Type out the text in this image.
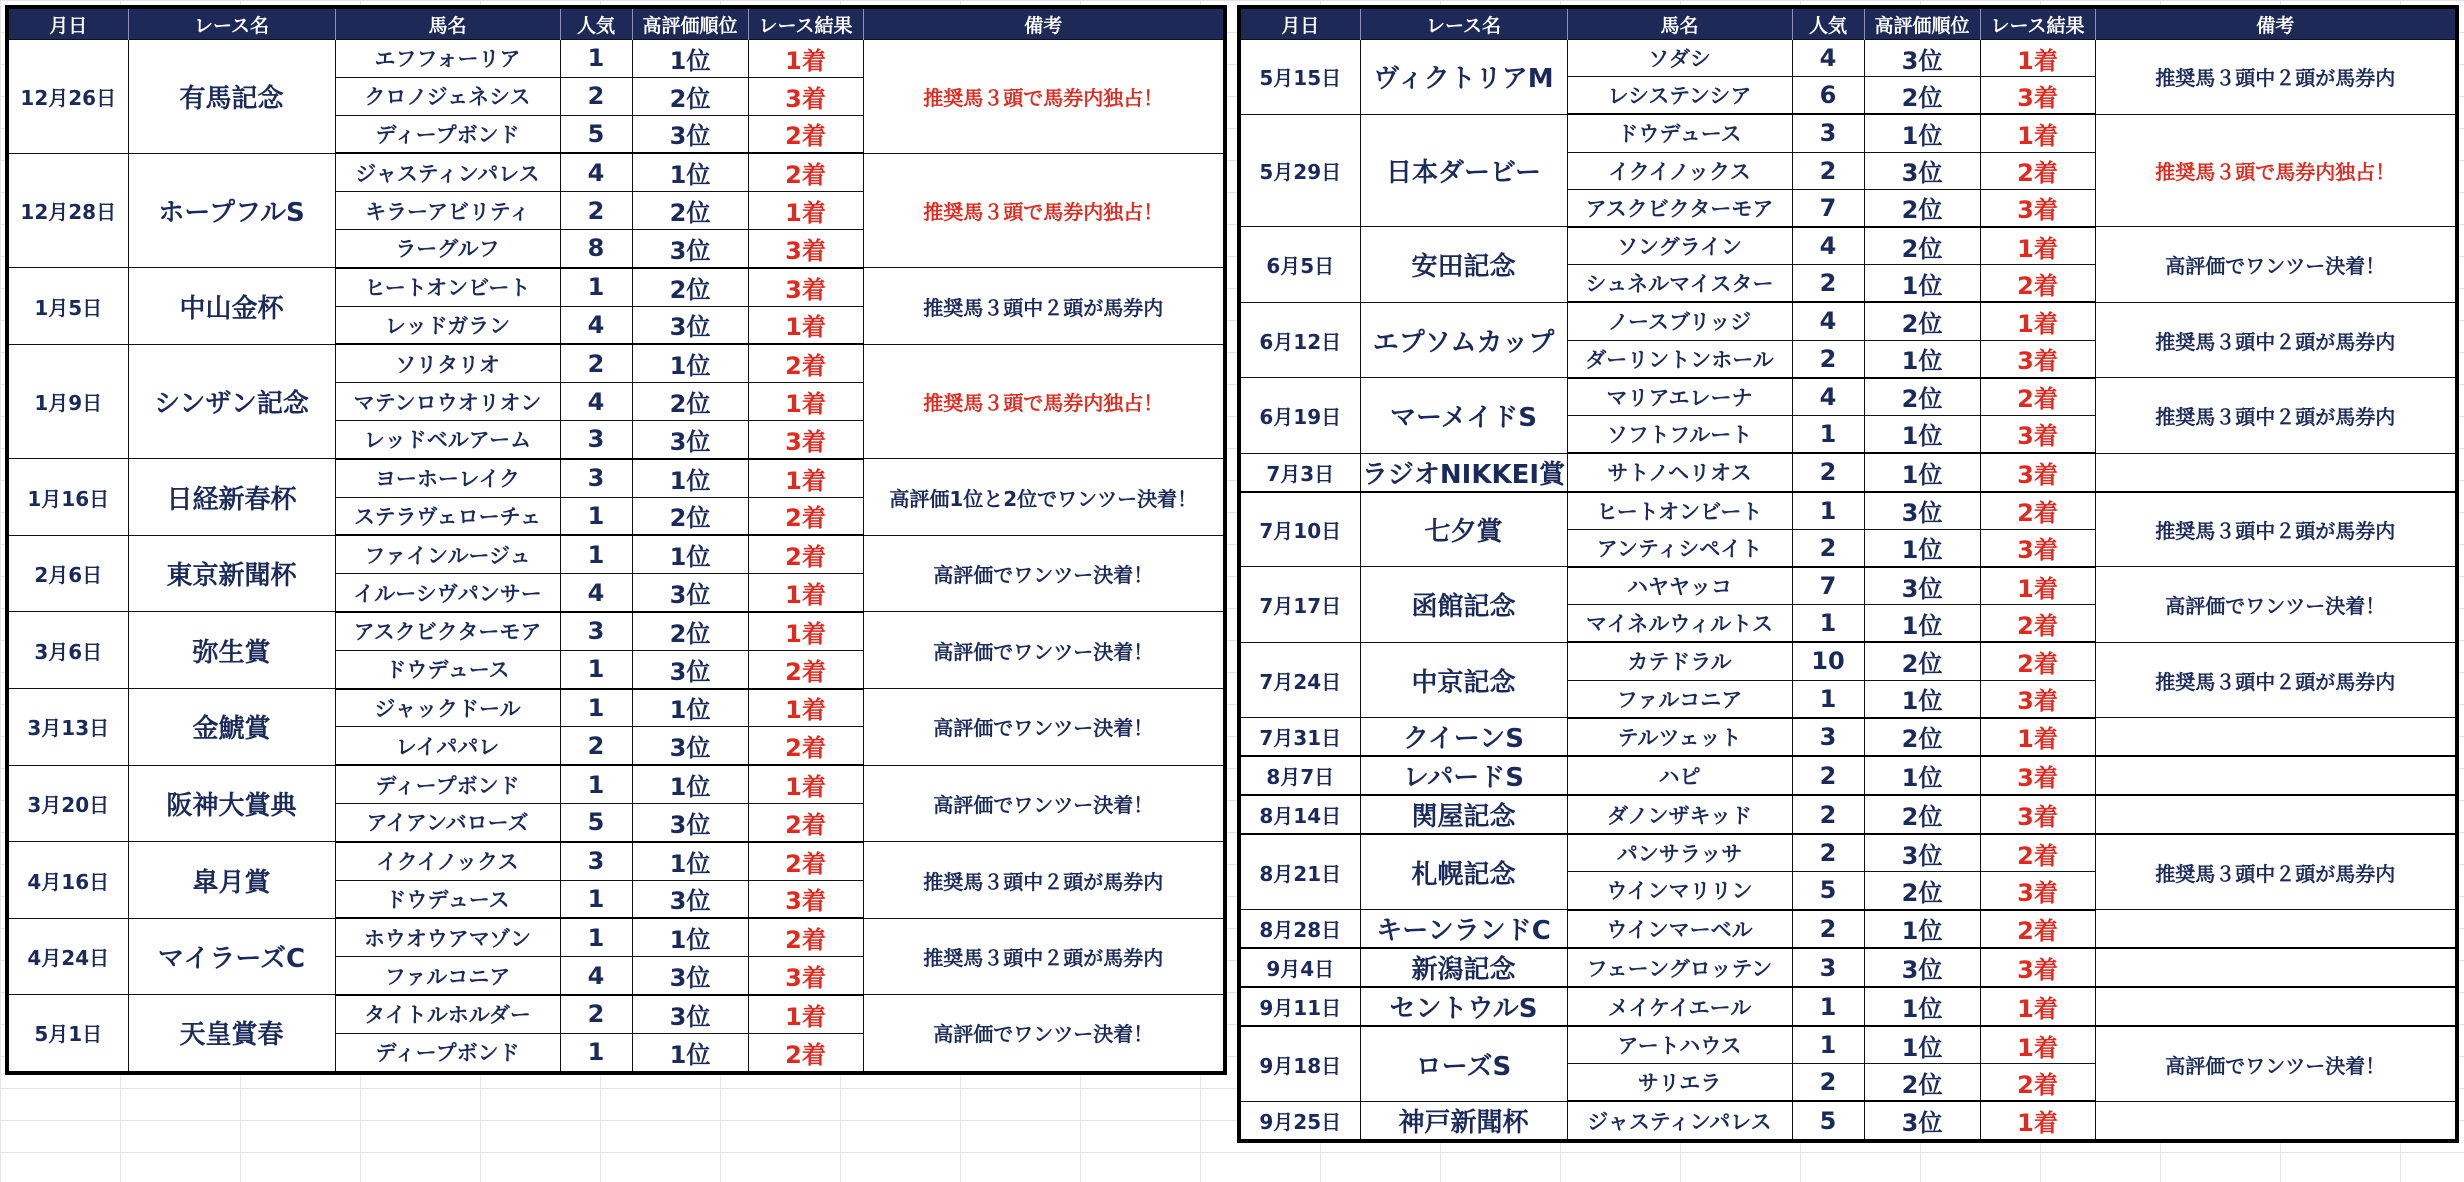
月日	レース名	馬名	人気	高評価順位	レース結果	備考
12月26日	有馬記念	エフフォーリア	1	1位	1着	推奨馬３頭で馬券内独占！
		クロノジェネシス	2	2位	3着	
		ディープボンド	5	3位	2着	
12月28日	ホープフルS	ジャスティンパレス	4	1位	2着	推奨馬３頭で馬券内独占！
		キラーアビリティ	2	2位	1着	
		ラーグルフ	8	3位	3着	
1月5日	中山金杯	ヒートオンビート	1	2位	3着	推奨馬３頭中２頭が馬券内
		レッドガラン	4	3位	1着	
1月9日	シンザン記念	ソリタリオ	2	1位	2着	推奨馬３頭で馬券内独占！
		マテンロウオリオン	4	2位	1着	
		レッドベルアーム	3	3位	3着	
1月16日	日経新春杯	ヨーホーレイク	3	1位	1着	高評価1位と2位でワンツー決着！
		ステラヴェローチェ	1	2位	2着	
2月6日	東京新聞杯	ファインルージュ	1	1位	2着	高評価でワンツー決着！
		イルーシヴパンサー	4	3位	1着	
3月6日	弥生賞	アスクビクターモア	3	2位	1着	高評価でワンツー決着！
		ドウデュース	1	3位	2着	
3月13日	金鯱賞	ジャックドール	1	1位	1着	高評価でワンツー決着！
		レイパパレ	2	3位	2着	
3月20日	阪神大賞典	ディープボンド	1	1位	1着	高評価でワンツー決着！
		アイアンバローズ	5	3位	2着	
4月16日	皐月賞	イクイノックス	3	1位	2着	推奨馬３頭中２頭が馬券内
		ドウデュース	1	3位	3着	
4月24日	マイラーズC	ホウオウアマゾン	1	1位	2着	推奨馬３頭中２頭が馬券内
		ファルコニア	4	3位	3着	
5月1日	天皇賞春	タイトルホルダー	2	3位	1着	高評価でワンツー決着！
		ディープボンド	1	1位	2着	
月日	レース名	馬名	人気	高評価順位	レース結果	備考
5月15日	ヴィクトリアM	ソダシ	4	3位	1着	推奨馬３頭中２頭が馬券内
		レシステンシア	6	2位	3着	
5月29日	日本ダービー	ドウデュース	3	1位	1着	推奨馬３頭で馬券内独占！
		イクイノックス	2	3位	2着	
		アスクビクターモア	7	2位	3着	
6月5日	安田記念	ソングライン	4	2位	1着	高評価でワンツー決着！
		シュネルマイスター	2	1位	2着	
6月12日	エプソムカップ	ノースブリッジ	4	2位	1着	推奨馬３頭中２頭が馬券内
		ダーリントンホール	2	1位	3着	
6月19日	マーメイドS	マリアエレーナ	4	2位	2着	推奨馬３頭中２頭が馬券内
		ソフトフルート	1	1位	3着	
7月3日	ラジオNIKKEI賞	サトノヘリオス	2	1位	3着	
7月10日	七夕賞	ヒートオンビート	1	3位	2着	推奨馬３頭中２頭が馬券内
		アンティシペイト	2	1位	3着	
7月17日	函館記念	ハヤヤッコ	7	3位	1着	高評価でワンツー決着！
		マイネルウィルトス	1	1位	2着	
7月24日	中京記念	カテドラル	10	2位	2着	推奨馬３頭中２頭が馬券内
		ファルコニア	1	1位	3着	
7月31日	クイーンS	テルツェット	3	2位	1着	
8月7日	レパードS	ハピ	2	1位	3着	
8月14日	関屋記念	ダノンザキッド	2	2位	3着	
8月21日	札幌記念	パンサラッサ	2	3位	2着	推奨馬３頭中２頭が馬券内
		ウインマリリン	5	2位	3着	
8月28日	キーンランドC	ウインマーベル	2	1位	2着	
9月4日	新潟記念	フェーングロッテン	3	3位	3着	
9月11日	セントウルS	メイケイエール	1	1位	1着	
9月18日	ローズS	アートハウス	1	1位	1着	高評価でワンツー決着！
		サリエラ	2	2位	2着	
9月25日	神戸新聞杯	ジャスティンパレス	5	3位	1着	
